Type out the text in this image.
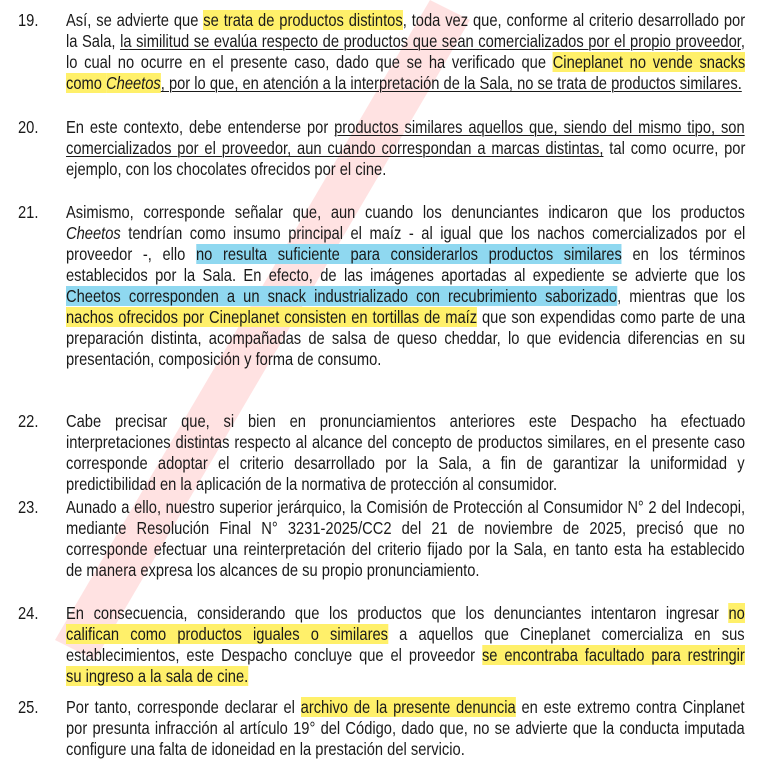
19. Así, se advierte que se trata de productos distintos, toda vez que, conforme al criterio desarrollado por
la Sala, la similitud se evalúa respecto de productos que sean comercializados por el propio proveedor,
lo cual no ocurre en el presente caso, dado que se ha verificado que Cineplanet no vende snacks
como Cheetos, por lo que, en atención a la interpretación de la Sala, no se trata de productos similares.
20. En este contexto, debe entenderse por productos similares aquellos que, siendo del mismo tipo, son
comercializados por el proveedor, aun cuando correspondan a marcas distintas, tal como ocurre, por
ejemplo, con los chocolates ofrecidos por el cine.
21. Asimismo, corresponde señalar que, aun cuando los denunciantes indicaron que los productos
Cheetos tendrían como insumo principal el maíz - al igual que los nachos comercializados por el
proveedor -, ello no resulta suficiente para considerarlos productos similares en los términos
establecidos por la Sala. En efecto, de las imágenes aportadas al expediente se advierte que los
Cheetos corresponden a un snack industrializado con recubrimiento saborizado, mientras que los
nachos ofrecidos por Cineplanet consisten en tortillas de maíz que son expendidas como parte de una
preparación distinta, acompañadas de salsa de queso cheddar, lo que evidencia diferencias en su
presentación, composición y forma de consumo.
22. Cabe precisar que, si bien en pronunciamientos anteriores este Despacho ha efectuado
interpretaciones distintas respecto al alcance del concepto de productos similares, en el presente caso
corresponde adoptar el criterio desarrollado por la Sala, a fin de garantizar la uniformidad y
predictibilidad en la aplicación de la normativa de protección al consumidor.
23. Aunado a ello, nuestro superior jerárquico, la Comisión de Protección al Consumidor N° 2 del Indecopi,
mediante Resolución Final N° 3231-2025/CC2 del 21 de noviembre de 2025, precisó que no
corresponde efectuar una reinterpretación del criterio fijado por la Sala, en tanto esta ha establecido
de manera expresa los alcances de su propio pronunciamiento.
24. En consecuencia, considerando que los productos que los denunciantes intentaron ingresar no
califican como productos iguales o similares a aquellos que Cineplanet comercializa en sus
establecimientos, este Despacho concluye que el proveedor se encontraba facultado para restringir
su ingreso a la sala de cine.
25. Por tanto, corresponde declarar el archivo de la presente denuncia en este extremo contra Cinplanet
por presunta infracción al artículo 19° del Código, dado que, no se advierte que la conducta imputada
configure una falta de idoneidad en la prestación del servicio.
